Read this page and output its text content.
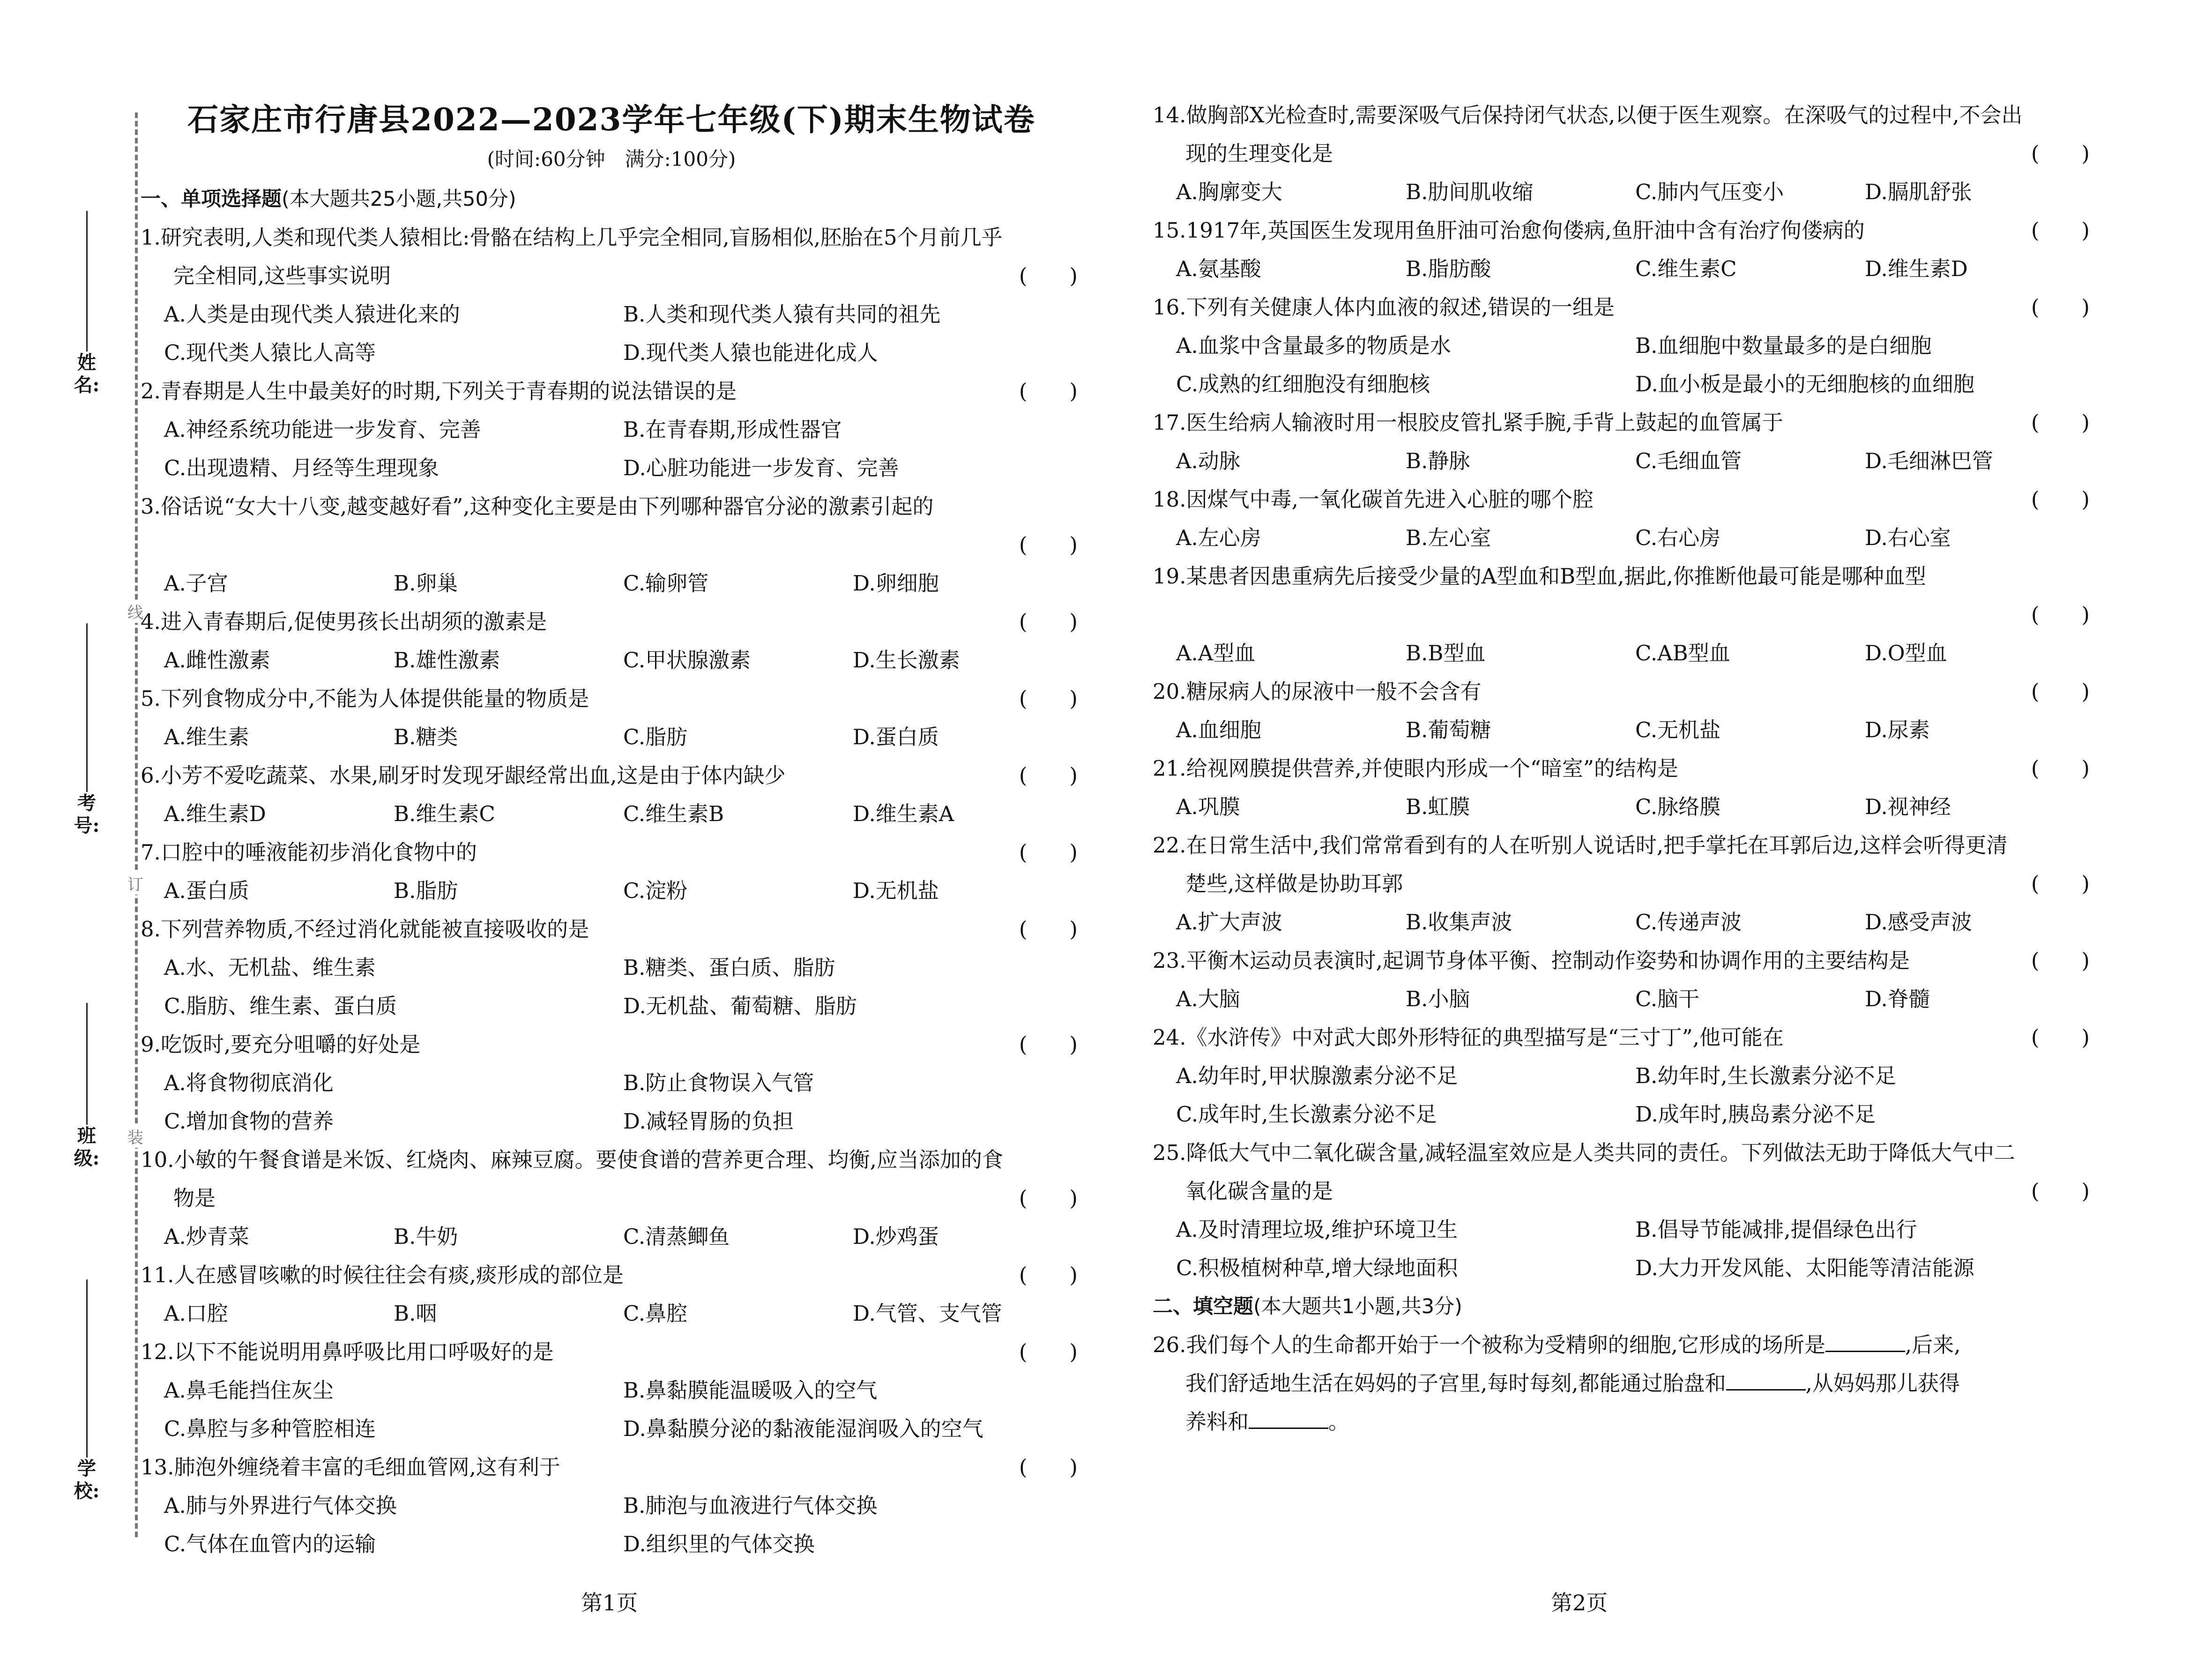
姓名:
考号:
班级:
学校:
线
订
装
石家庄市行唐县2022—2023学年七年级(下)期末生物试卷
(时间:60分钟　满分:100分)
一、单项选择题(本大题共25小题,共50分)
1.研究表明,人类和现代类人猿相比:骨骼在结构上几乎完全相同,盲肠相似,胚胎在5个月前几乎完全相同,这些事实说明	(　　)
A.人类是由现代类人猿进化来的	B.人类和现代类人猿有共同的祖先
C.现代类人猿比人高等	D.现代类人猿也能进化成人
2.青春期是人生中最美好的时期,下列关于青春期的说法错误的是	(　　)
A.神经系统功能进一步发育、完善	B.在青春期,形成性器官
C.出现遗精、月经等生理现象	D.心脏功能进一步发育、完善
3.俗话说“女大十八变,越变越好看”,这种变化主要是由下列哪种器官分泌的激素引起的
(　　)
A.子宫	B.卵巢	C.输卵管	D.卵细胞
4.进入青春期后,促使男孩长出胡须的激素是	(　　)
A.雌性激素	B.雄性激素	C.甲状腺激素	D.生长激素
5.下列食物成分中,不能为人体提供能量的物质是	(　　)
A.维生素	B.糖类	C.脂肪	D.蛋白质
6.小芳不爱吃蔬菜、水果,刷牙时发现牙龈经常出血,这是由于体内缺少	(　　)
A.维生素D	B.维生素C	C.维生素B	D.维生素A
7.口腔中的唾液能初步消化食物中的	(　　)
A.蛋白质	B.脂肪	C.淀粉	D.无机盐
8.下列营养物质,不经过消化就能被直接吸收的是	(　　)
A.水、无机盐、维生素	B.糖类、蛋白质、脂肪
C.脂肪、维生素、蛋白质	D.无机盐、葡萄糖、脂肪
9.吃饭时,要充分咀嚼的好处是	(　　)
A.将食物彻底消化	B.防止食物误入气管
C.增加食物的营养	D.减轻胃肠的负担
10.小敏的午餐食谱是米饭、红烧肉、麻辣豆腐。要使食谱的营养更合理、均衡,应当添加的食物是	(　　)
A.炒青菜	B.牛奶	C.清蒸鲫鱼	D.炒鸡蛋
11.人在感冒咳嗽的时候往往会有痰,痰形成的部位是	(　　)
A.口腔	B.咽	C.鼻腔	D.气管、支气管
12.以下不能说明用鼻呼吸比用口呼吸好的是	(　　)
A.鼻毛能挡住灰尘	B.鼻黏膜能温暖吸入的空气
C.鼻腔与多种管腔相连	D.鼻黏膜分泌的黏液能湿润吸入的空气
13.肺泡外缠绕着丰富的毛细血管网,这有利于	(　　)
A.肺与外界进行气体交换	B.肺泡与血液进行气体交换
C.气体在血管内的运输	D.组织里的气体交换
14.做胸部X光检查时,需要深吸气后保持闭气状态,以便于医生观察。在深吸气的过程中,不会出现的生理变化是	(　　)
A.胸廓变大	B.肋间肌收缩	C.肺内气压变小	D.膈肌舒张
15.1917年,英国医生发现用鱼肝油可治愈佝偻病,鱼肝油中含有治疗佝偻病的	(　　)
A.氨基酸	B.脂肪酸	C.维生素C	D.维生素D
16.下列有关健康人体内血液的叙述,错误的一组是	(　　)
A.血浆中含量最多的物质是水	B.血细胞中数量最多的是白细胞
C.成熟的红细胞没有细胞核	D.血小板是最小的无细胞核的血细胞
17.医生给病人输液时用一根胶皮管扎紧手腕,手背上鼓起的血管属于	(　　)
A.动脉	B.静脉	C.毛细血管	D.毛细淋巴管
18.因煤气中毒,一氧化碳首先进入心脏的哪个腔	(　　)
A.左心房	B.左心室	C.右心房	D.右心室
19.某患者因患重病先后接受少量的A型血和B型血,据此,你推断他最可能是哪种血型
(　　)
A.A型血	B.B型血	C.AB型血	D.O型血
20.糖尿病人的尿液中一般不会含有	(　　)
A.血细胞	B.葡萄糖	C.无机盐	D.尿素
21.给视网膜提供营养,并使眼内形成一个“暗室”的结构是	(　　)
A.巩膜	B.虹膜	C.脉络膜	D.视神经
22.在日常生活中,我们常常看到有的人在听别人说话时,把手掌托在耳郭后边,这样会听得更清楚些,这样做是协助耳郭	(　　)
A.扩大声波	B.收集声波	C.传递声波	D.感受声波
23.平衡木运动员表演时,起调节身体平衡、控制动作姿势和协调作用的主要结构是	(　　)
A.大脑	B.小脑	C.脑干	D.脊髓
24.《水浒传》中对武大郎外形特征的典型描写是“三寸丁”,他可能在	(　　)
A.幼年时,甲状腺激素分泌不足	B.幼年时,生长激素分泌不足
C.成年时,生长激素分泌不足	D.成年时,胰岛素分泌不足
25.降低大气中二氧化碳含量,减轻温室效应是人类共同的责任。下列做法无助于降低大气中二氧化碳含量的是	(　　)
A.及时清理垃圾,维护环境卫生	B.倡导节能减排,提倡绿色出行
C.积极植树种草,增大绿地面积	D.大力开发风能、太阳能等清洁能源
二、填空题(本大题共1小题,共3分)
26.我们每个人的生命都开始于一个被称为受精卵的细胞,它形成的场所是	,后来,
我们舒适地生活在妈妈的子宫里,每时每刻,都能通过胎盘和	,从妈妈那儿获得
养料和	。
第1页	第2页
